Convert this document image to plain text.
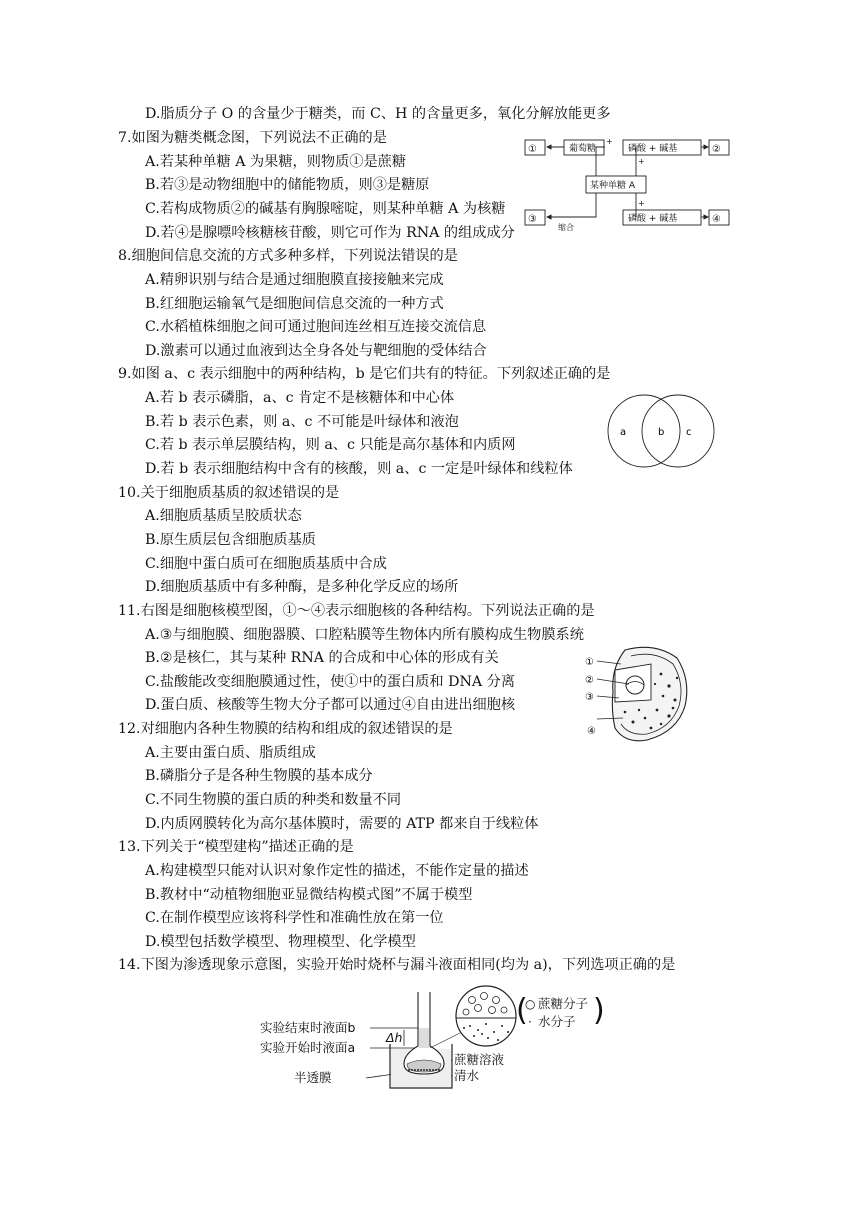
D.脂质分子 O 的含量少于糖类，而 C、H 的含量更多，氧化分解放能更多
7.如图为糖类概念图，下列说法不正确的是
A.若某种单糖 A 为果糖，则物质①是蔗糖
B.若③是动物细胞中的储能物质，则③是糖原
C.若构成物质②的碱基有胸腺嘧啶，则某种单糖 A 为核糖
D.若④是腺嘌呤核糖核苷酸，则它可作为 RNA 的组成成分
①	葡萄糖
某种单糖 A
磷酸 + 碱基	②
③	磷酸 + 碱基	④
+
+
+
缩合
8.细胞间信息交流的方式多种多样，下列说法错误的是
A.精卵识别与结合是通过细胞膜直接接触来完成
B.红细胞运输氧气是细胞间信息交流的一种方式
C.水稻植株细胞之间可通过胞间连丝相互连接交流信息
D.激素可以通过血液到达全身各处与靶细胞的受体结合
9.如图 a、c 表示细胞中的两种结构，b 是它们共有的特征。下列叙述正确的是
A.若 b 表示磷脂，a、c 肯定不是核糖体和中心体
B.若 b 表示色素，则 a、c 不可能是叶绿体和液泡
C.若 b 表示单层膜结构，则 a、c 只能是高尔基体和内质网
D.若 b 表示细胞结构中含有的核酸，则 a、c 一定是叶绿体和线粒体
a	b c
10.关于细胞质基质的叙述错误的是
A.细胞质基质呈胶质状态
B.原生质层包含细胞质基质
C.细胞中蛋白质可在细胞质基质中合成
D.细胞质基质中有多种酶，是多种化学反应的场所
11.右图是细胞核模型图，①～④表示细胞核的各种结构。下列说法正确的是
A.③与细胞膜、细胞器膜、口腔粘膜等生物体内所有膜构成生物膜系统
B.②是核仁，其与某种 RNA 的合成和中心体的形成有关
C.盐酸能改变细胞膜通过性，使①中的蛋白质和 DNA 分离
D.蛋白质、核酸等生物大分子都可以通过④自由进出细胞核
①
②
③
④
12.对细胞内各种生物膜的结构和组成的叙述错误的是
A.主要由蛋白质、脂质组成
B.磷脂分子是各种生物膜的基本成分
C.不同生物膜的蛋白质的种类和数量不同
D.内质网膜转化为高尔基体膜时，需要的 ATP 都来自于线粒体
13.下列关于“模型建构”描述正确的是
A.构建模型只能对认识对象作定性的描述，不能作定量的描述
B.教材中“动植物细胞亚显微结构模式图”不属于模型
C.在制作模型应该将科学性和准确性放在第一位
D.模型包括数学模型、物理模型、化学模型
14.下图为渗透现象示意图，实验开始时烧杯与漏斗液面相同(均为 a)，下列选项正确的是
实验结束时液面b
实验开始时液面a
半透膜
蔗糖溶液
清水
Δh
(
○ 蔗糖分子
· 水分子 )
